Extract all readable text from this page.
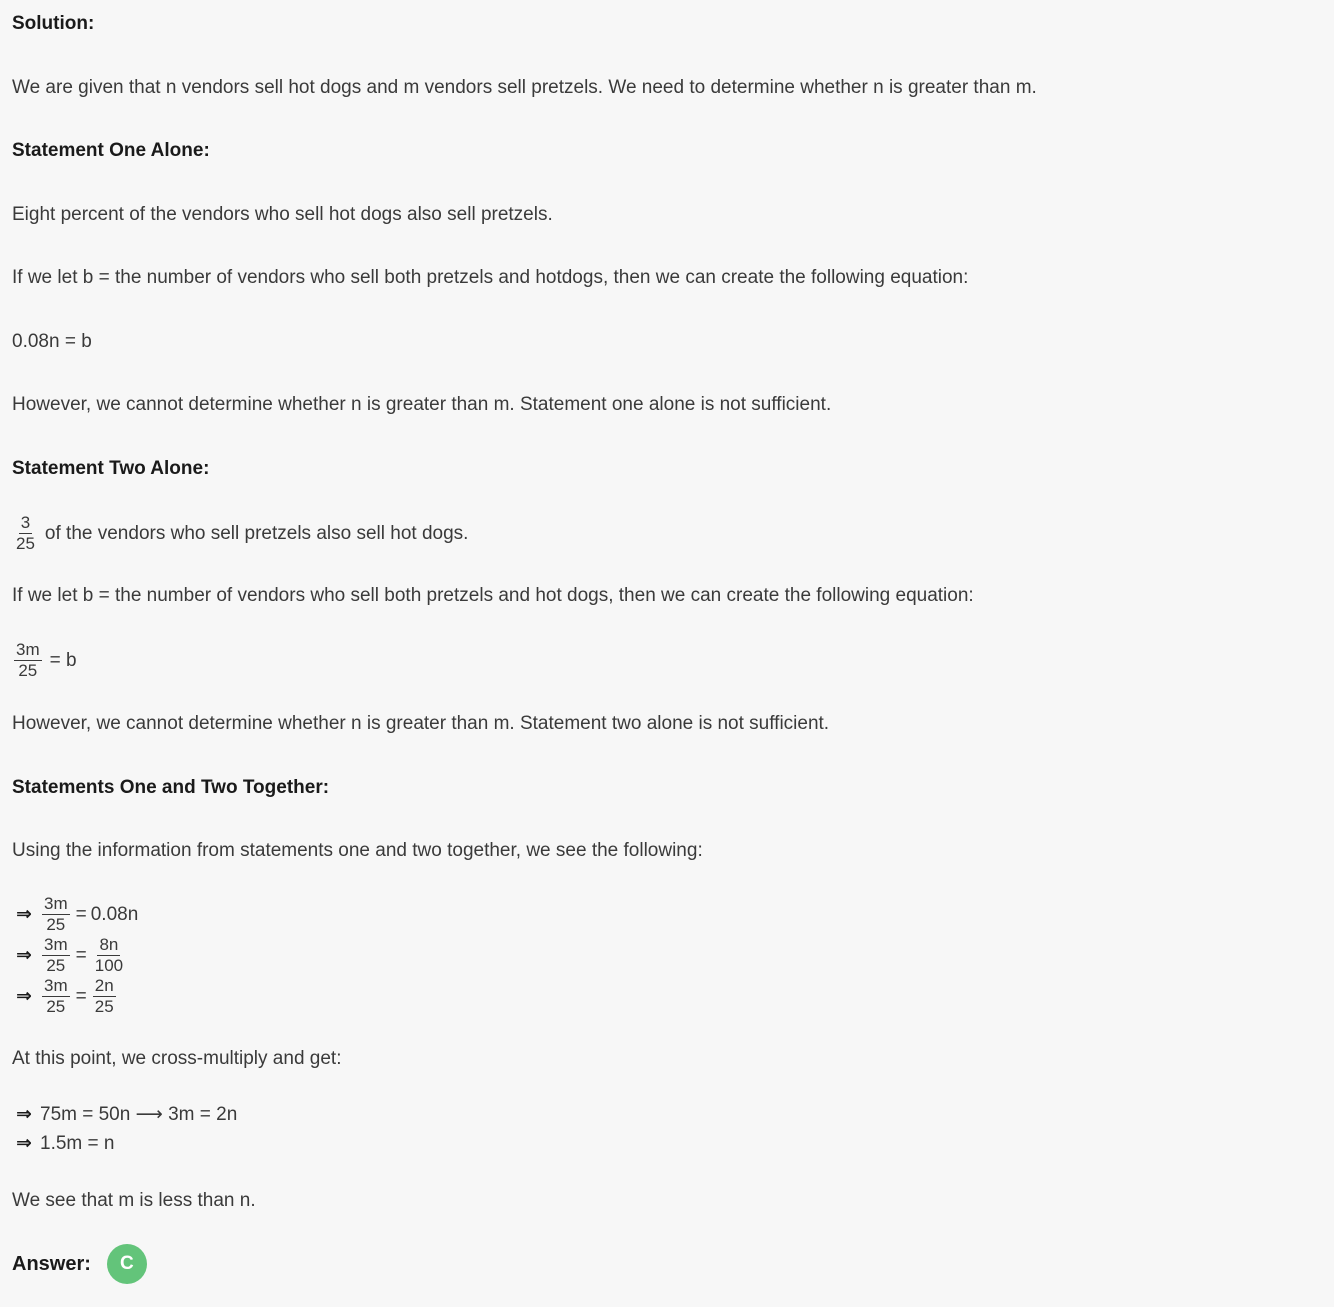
Solution:
We are given that n vendors sell hot dogs and m vendors sell pretzels. We need to determine whether n is greater than m.
Statement One Alone:
Eight percent of the vendors who sell hot dogs also sell pretzels.
If we let b = the number of vendors who sell both pretzels and hotdogs, then we can create the following equation:
0.08n = b
However, we cannot determine whether n is greater than m. Statement one alone is not sufficient.
Statement Two Alone:
$\frac{3}{25}$ of the vendors who sell pretzels also sell hot dogs.
If we let b = the number of vendors who sell both pretzels and hot dogs, then we can create the following equation:
$\frac{3m}{25} = b$
However, we cannot determine whether n is greater than m. Statement two alone is not sufficient.
Statements One and Two Together:
Using the information from statements one and two together, we see the following:
⇒ $\frac{3m}{25} = 0.08n$
⇒ $\frac{3m}{25} = \frac{8n}{100}$
⇒ $\frac{3m}{25} = \frac{2n}{25}$
At this point, we cross-multiply and get:
⇒ 75m = 50n ⟶ 3m = 2n
⇒ 1.5m = n
We see that m is less than n.
Answer:	C
